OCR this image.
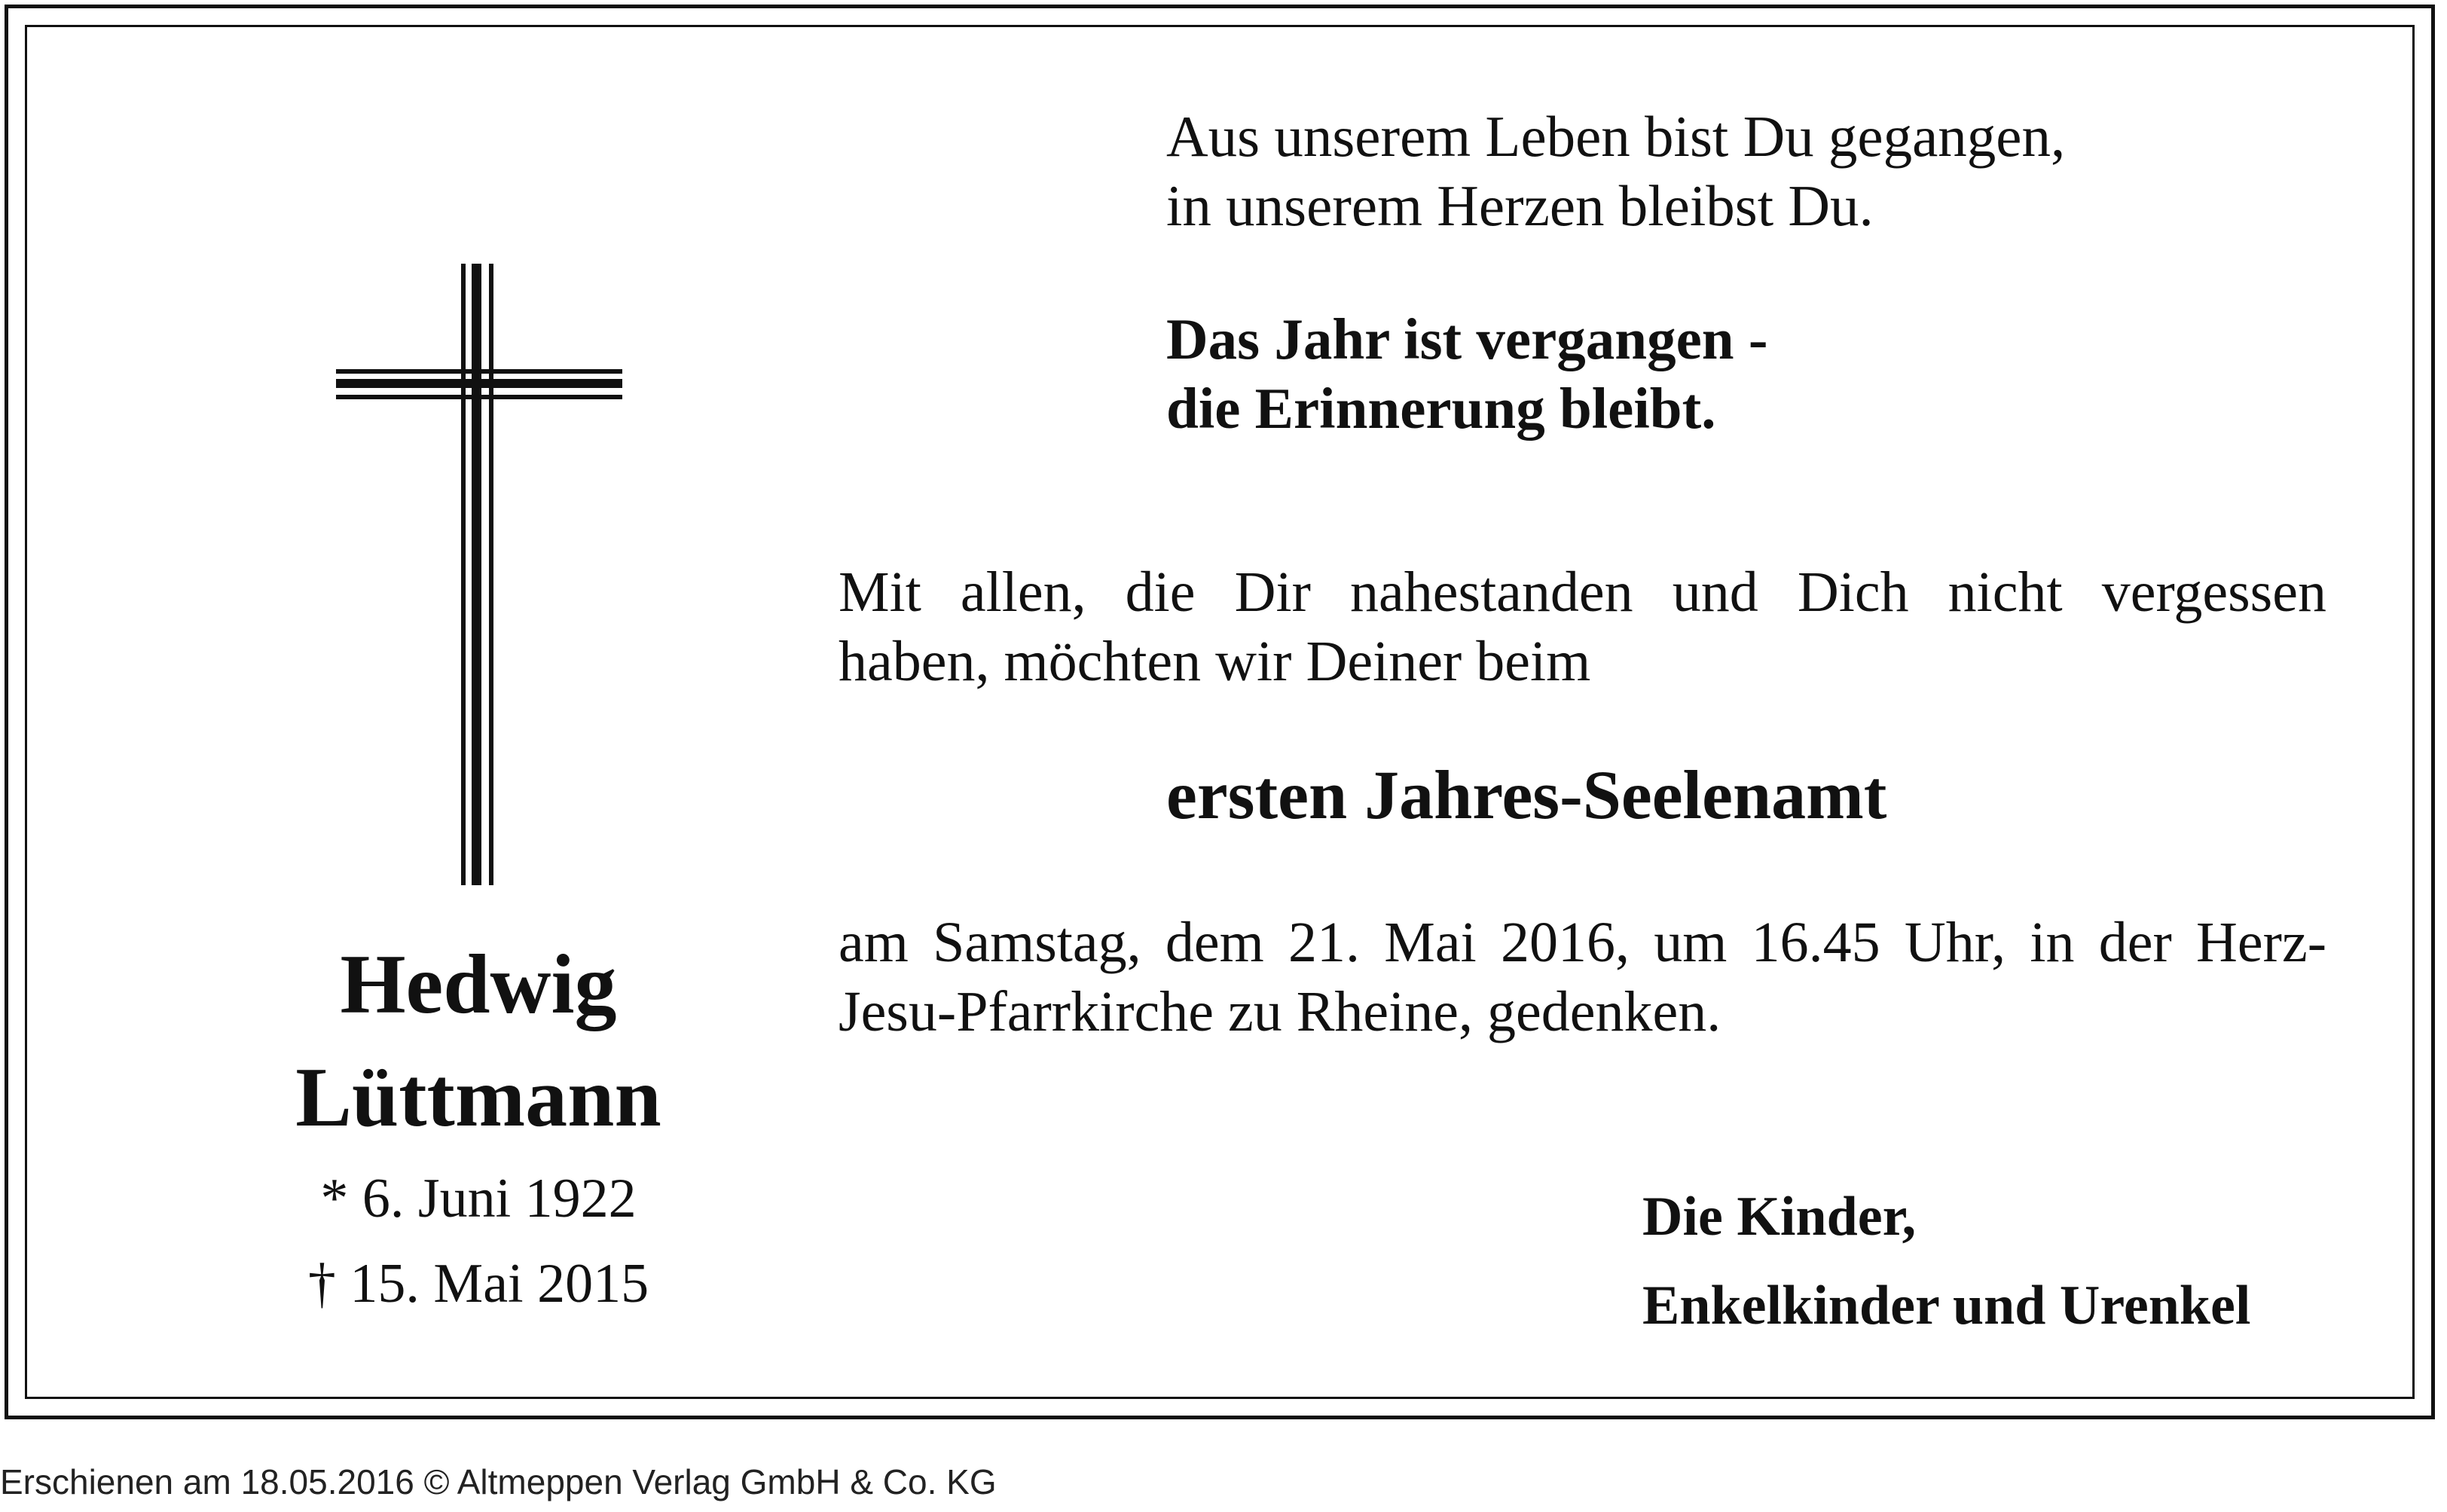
Aus unserem Leben bist Du gegangen,
in unserem Herzen bleibst Du.
Das Jahr ist vergangen -
die Erinnerung bleibt.
Mit allen, die Dir nahestanden und Dich nicht vergessen
haben, möchten wir Deiner beim
ersten Jahres-Seelenamt
am Samstag, dem 21. Mai 2016, um 16.45 Uhr, in der Herz-
Jesu-Pfarrkirche zu Rheine, gedenken.
Hedwig
Lüttmann
* 6. Juni 1922
† 15. Mai 2015
Die Kinder,
Enkelkinder und Urenkel
Erschienen am 18.05.2016 © Altmeppen Verlag GmbH & Co. KG
